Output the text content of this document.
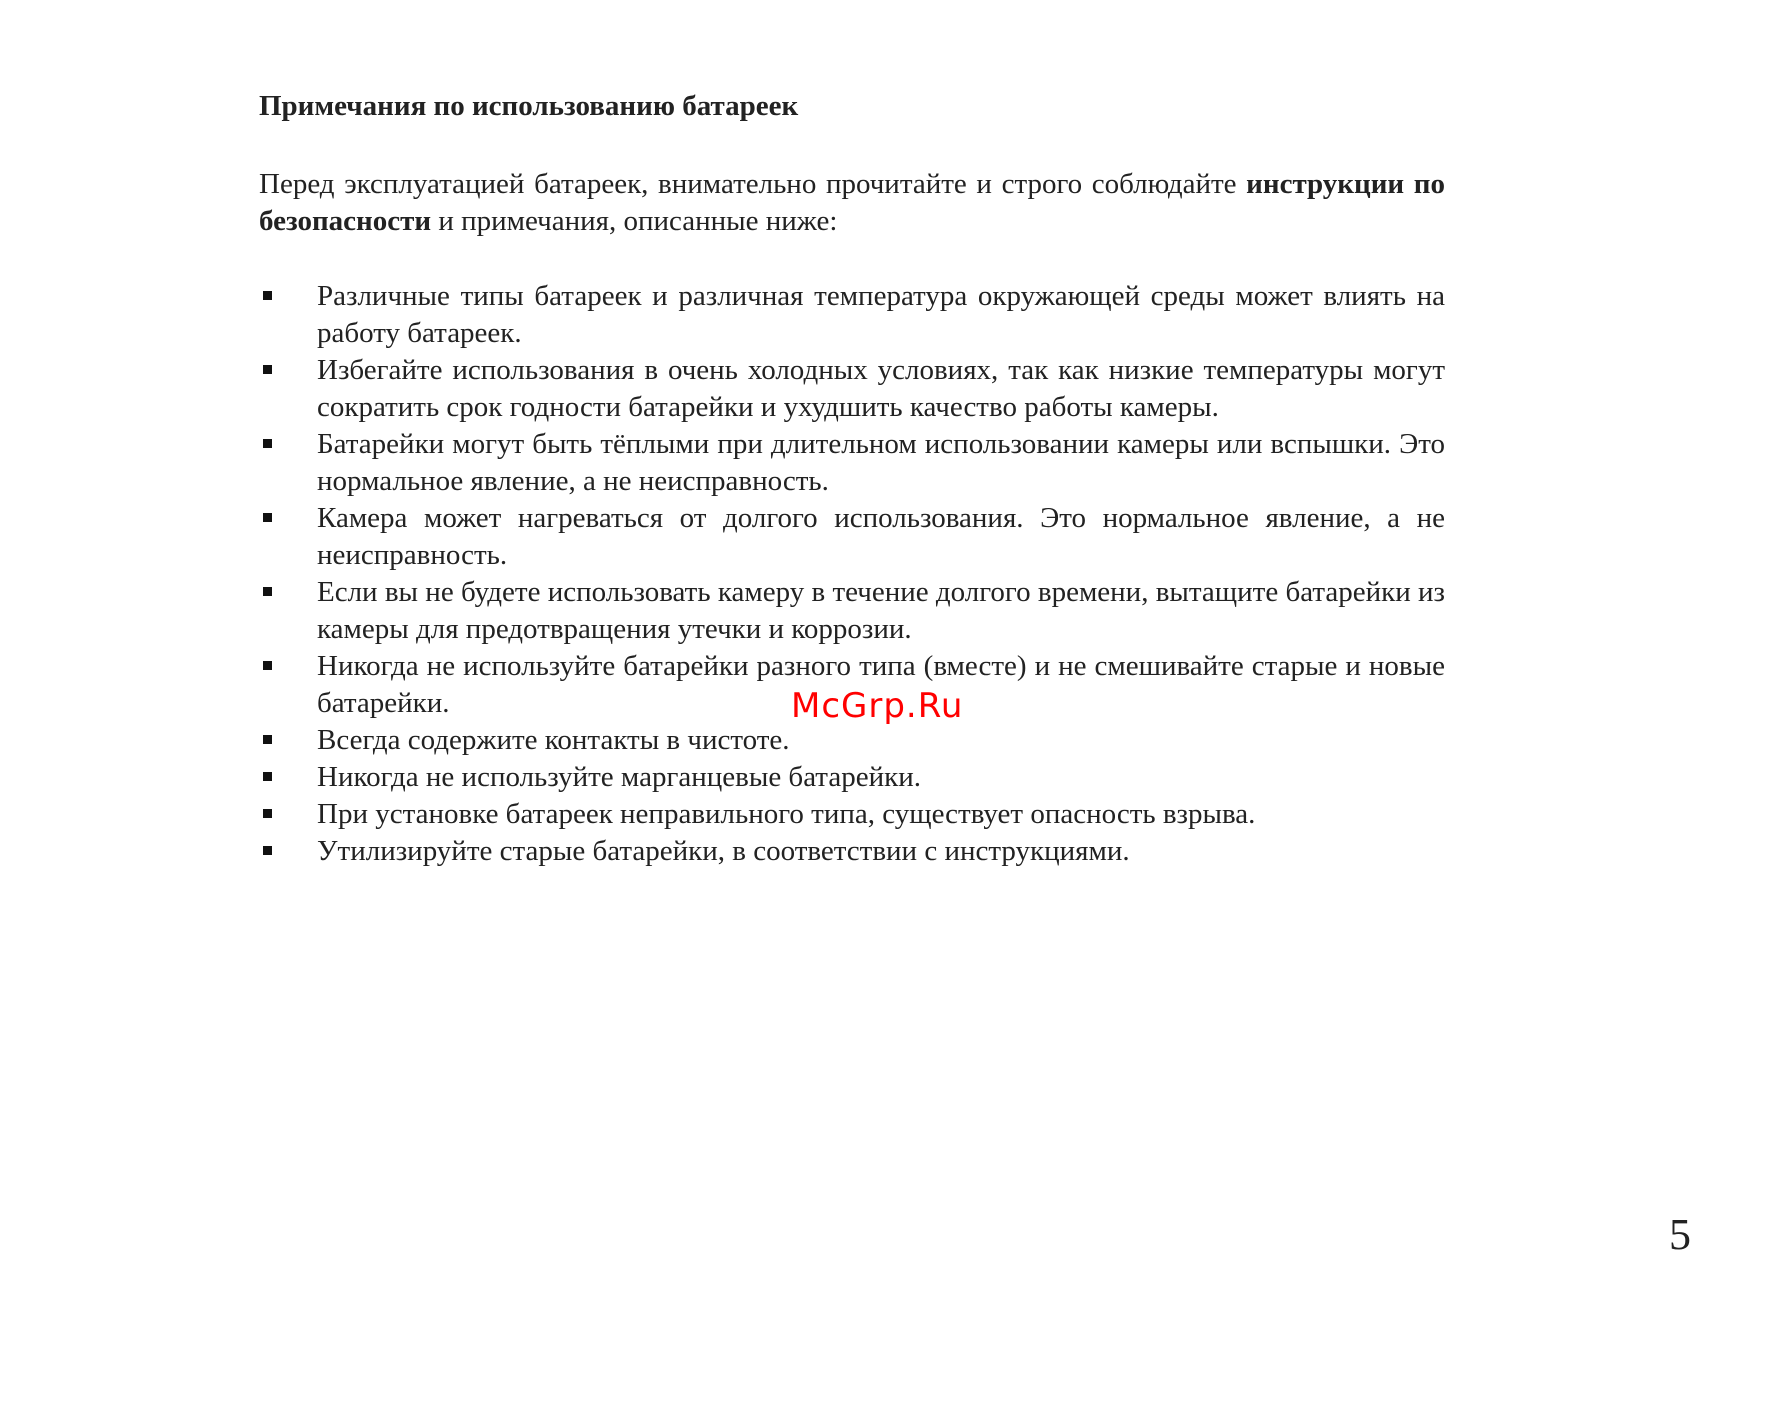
Примечания по использованию батареек

Перед эксплуатацией батареек, внимательно прочитайте и строго соблюдайте инструкции по безопасности и примечания, описанные ниже:

Различные типы батареек и различная температура окружающей среды может влиять на работу батареек.
Избегайте использования в очень холодных условиях, так как низкие температуры могут сократить срок годности батарейки и ухудшить качество работы камеры.
Батарейки могут быть тёплыми при длительном использовании камеры или вспышки. Это нормальное явление, а не неисправность.
Камера может нагреваться от долгого использования. Это нормальное явление, а не неисправность.
Если вы не будете использовать камеру в течение долгого времени, вытащите батарейки из камеры для предотвращения утечки и коррозии.
Никогда не используйте батарейки разного типа (вместе) и не смешивайте старые и новые батарейки.
Всегда содержите контакты в чистоте.
Никогда не используйте марганцевые батарейки.
При установке батареек неправильного типа, существует опасность взрыва.
Утилизируйте старые батарейки, в соответствии с инструкциями.
McGrp.Ru
5
